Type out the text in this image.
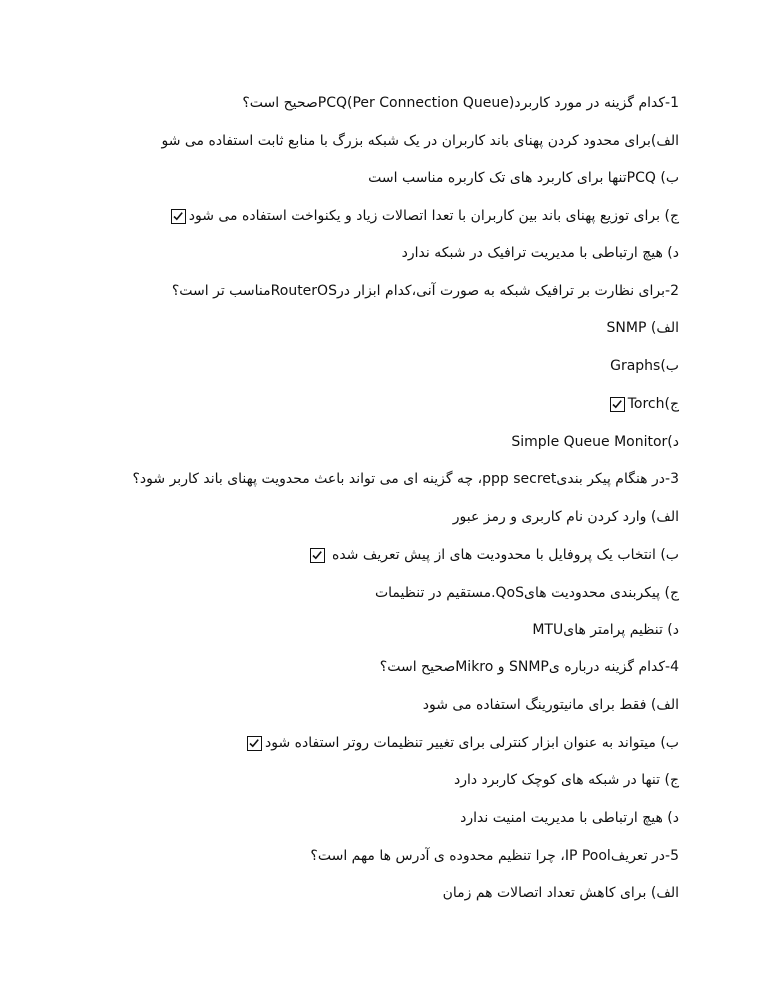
1-کدام گزینه در مورد کاربرد(PCQ(Per Connection Queueصحیح است؟
الف)برای محدود کردن پهنای باند کاربران در یک شبکه بزرگ با منابع ثابت استفاده می شو
ب) PCQتنها برای کاربرد های تک کاربره مناسب است
ج) برای توزیع پهنای باند بین کاربران با تعدا اتصالات زیاد و یکنواخت استفاده می شود
د) هیچ ارتباطی با مدیریت ترافیک در شبکه ندارد
2-برای نظارت بر ترافیک شبکه به صورت آنی،کدام ابزار درRouterOSمناسب تر است؟
الف) SNMP
ب)Graphs
ج)Torch
د)Simple Queue Monitor
3-در هنگام پیکر بندیppp secret، چه گزینه ای می تواند باعث محدویت پهنای باند کاربر شود؟
الف) وارد کردن نام کاربری و رمز عبور
ب) انتخاب یک پروفایل با محدودیت های از پیش تعریف شده
ج) پیکربندی محدودیت هایQoS.مستقیم در تنظیمات
د) تنظیم پرامتر هایMTU
4-کدام گزینه درباره یSNMP و Mikroصحیح است؟
الف) فقط برای مانیتورینگ استفاده می شود
ب) میتواند به عنوان ابزار کنترلی برای تغییر تنظیمات روتر استفاده شود
ج) تنها در شبکه های کوچک کاربرد دارد
د) هیچ ارتباطی با مدیریت امنیت ندارد
5-در تعریفIP Pool، چرا تنظیم محدوده ی آدرس ها مهم است؟
الف) برای کاهش تعداد اتصالات هم زمان
